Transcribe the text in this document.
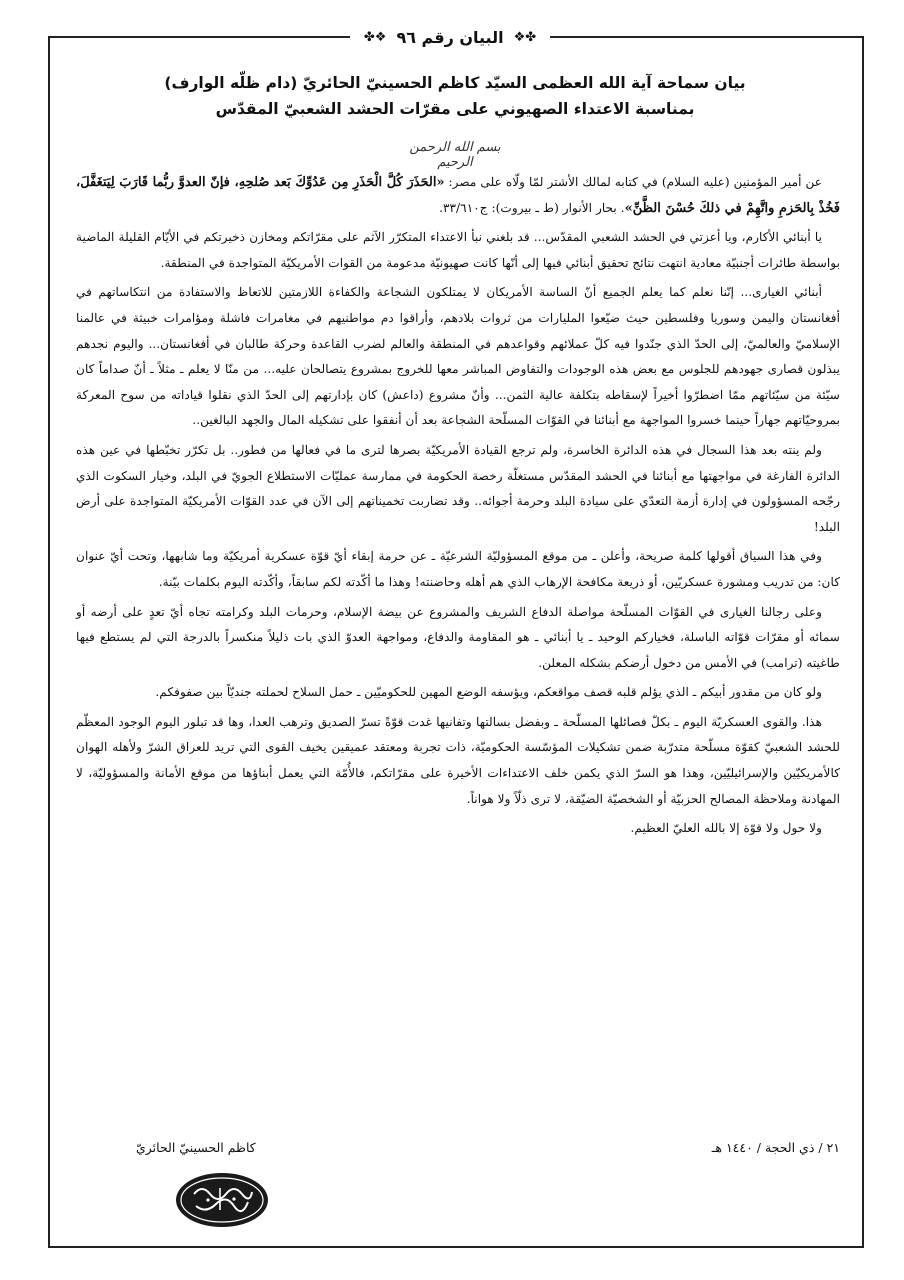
✤❖
البيان رقم ٩٦
❖✤
بيان سماحة آية الله العظمى السيّد كاظم الحسينيّ الحائريّ (دام ظلّه الوارف)
بمناسبة الاعتداء الصهيوني على مقرّات الحشد الشعبيّ المقدّس
بسم الله الرحمن الرحيم

عن أمير المؤمنين (عليه السلام) في كتابه لمالك الأشتر لمّا ولّاه على مصر: «الحَذَرَ كُلَّ الْحَذَرِ مِن عَدُوِّكَ بَعد صُلحِهِ، فإنّ العدوَّ ربُّما قَارَبَ لِيَتغَفَّلَ، فَخُذْ بِالحَزمِ واتَّهِمْ في ذلكَ حُسْنَ الظَّنِّ». بحار الأنوار (ط ـ بيروت): ج٣٣/٦١٠.

يا أبنائي الأكارم، ويا أعزتي في الحشد الشعبي المقدّس... قد بلغني نبأ الاعتداء المتكرّر الآثم على مقرّاتكم ومخازن ذخيرتكم في الأيّام القليلة الماضية بواسطة طائرات أجنبيّة معادية انتهت نتائج تحقيق أبنائي فيها إلى أنّها كانت صهيونيّة مدعومة من القوات الأمريكيّة المتواجدة في المنطقة.

أبنائي الغيارى... إنّنا نعلم كما يعلم الجميع أنّ الساسة الأمريكان لا يمتلكون الشجاعة والكفاءة اللازمتين للاتعاظ والاستفادة من انتكاساتهم في أفغانستان واليمن وسوريا وفلسطين حيث ضيّعوا المليارات من ثروات بلادهم، وأراقوا دم مواطنيهم في مغامرات فاشلة ومؤامرات خبيثة في عالمنا الإسلاميّ والعالميّ، إلى الحدّ الذي جنّدوا فيه كلّ عملائهم وقواعدهم في المنطقة والعالم لضرب القاعدة وحركة طالبان في أفغانستان... واليوم نجدهم يبذلون قصارى جهودهم للجلوس مع بعض هذه الوجودات والتفاوض المباشر معها للخروج بمشروع يتصالحان عليه... من منّا لا يعلم ـ مثلاً ـ أنّ صداماً كان سيّئة من سيّئاتهم ممّا اضطرّوا أخيراً لإسقاطه بتكلفة عالية الثمن... وأنّ مشروع (داعش) كان بإدارتهم إلى الحدّ الذي نقلوا قياداته من سوح المعركة بمروحيّاتهم جهاراً حينما خسروا المواجهة مع أبنائنا في القوّات المسلّحة الشجاعة بعد أن أنفقوا على تشكيله المال والجهد البالغين..

ولم ينته بعد هذا السجال في هذه الدائرة الخاسرة، ولم ترجع القيادة الأمريكيّة بصرها لترى ما في فعالها من فطور.. بل تكرّر تخبّطها في عين هذه الدائرة الفارغة في مواجهتها مع أبنائنا في الحشد المقدّس مستغلّة رخصة الحكومة في ممارسة عمليّات الاستطلاع الجويّ في البلد، وخيار السكوت الذي رجّحه المسؤولون في إدارة أزمة التعدّي على سيادة البلد وحرمة أجوائه.. وقد تضاربت تخميناتهم إلى الآن في عدد القوّات الأمريكيّة المتواجدة على أرض البلد!

وفي هذا السياق أقولها كلمة صريحة، وأعلن ـ من موقع المسؤوليّة الشرعيّة ـ عن حرمة إبقاء أيّ قوّة عسكرية أمريكيّة وما شابهها، وتحت أيّ عنوان كان: من تدريب ومشورة عسكريّين، أو ذريعة مكافحة الإرهاب الذي هم أهله وحاضنته! وهذا ما أكّدته لكم سابقاً، وأكّدته اليوم بكلمات بيّنة.

وعلى رجالنا الغيارى في القوّات المسلّحة مواصلة الدفاع الشريف والمشروع عن بيضة الإسلام، وحرمات البلد وكرامته تجاه أيّ تعدٍ على أرضه أو سمائه أو مقرّات قوّاته الباسلة، فخياركم الوحيد ـ يا أبنائي ـ هو المقاومة والدفاع، ومواجهة العدوّ الذي بات ذليلاً منكسراً بالدرجة التي لم يستطع فيها طاغيته (ترامب) في الأمس من دخول أرضكم بشكله المعلن.

ولو كان من مقدور أبيكم ـ الذي يؤلم قلبه قصف مواقعكم، ويؤسفه الوضع المهين للحكوميّين ـ حمل السلاح لحملته جنديّاً بين صفوفكم.

هذا. والقوى العسكريّة اليوم ـ بكلّ فصائلها المسلّحة ـ وبفضل بسالتها وتفانيها غدت قوّةً تسرّ الصديق وترهب العدا، وها قد تبلور اليوم الوجود المعظّم للحشد الشعبيّ كقوّة مسلّحة متدرّبة ضمن تشكيلات المؤسّسة الحكوميّة، ذات تجربة ومعتقد عميقين يخيف القوى التي تريد للعراق الشرّ ولأهله الهوان كالأمريكيّين والإسرائيليّين، وهذا هو السرّ الذي يكمن خلف الاعتداءات الأخيرة على مقرّاتكم، فالأُمّة التي يعمل أبناؤها من موقع الأمانة والمسؤوليّة، لا المهادنة وملاحظة المصالح الحزبيّة أو الشخصيّة الضيّقة، لا ترى ذلّاً ولا هواناً.

ولا حول ولا قوّة إلا بالله العليّ العظيم.

٢١ / ذي الحجة / ١٤٤٠ هـ
كاظم الحسينيّ الحائريّ
